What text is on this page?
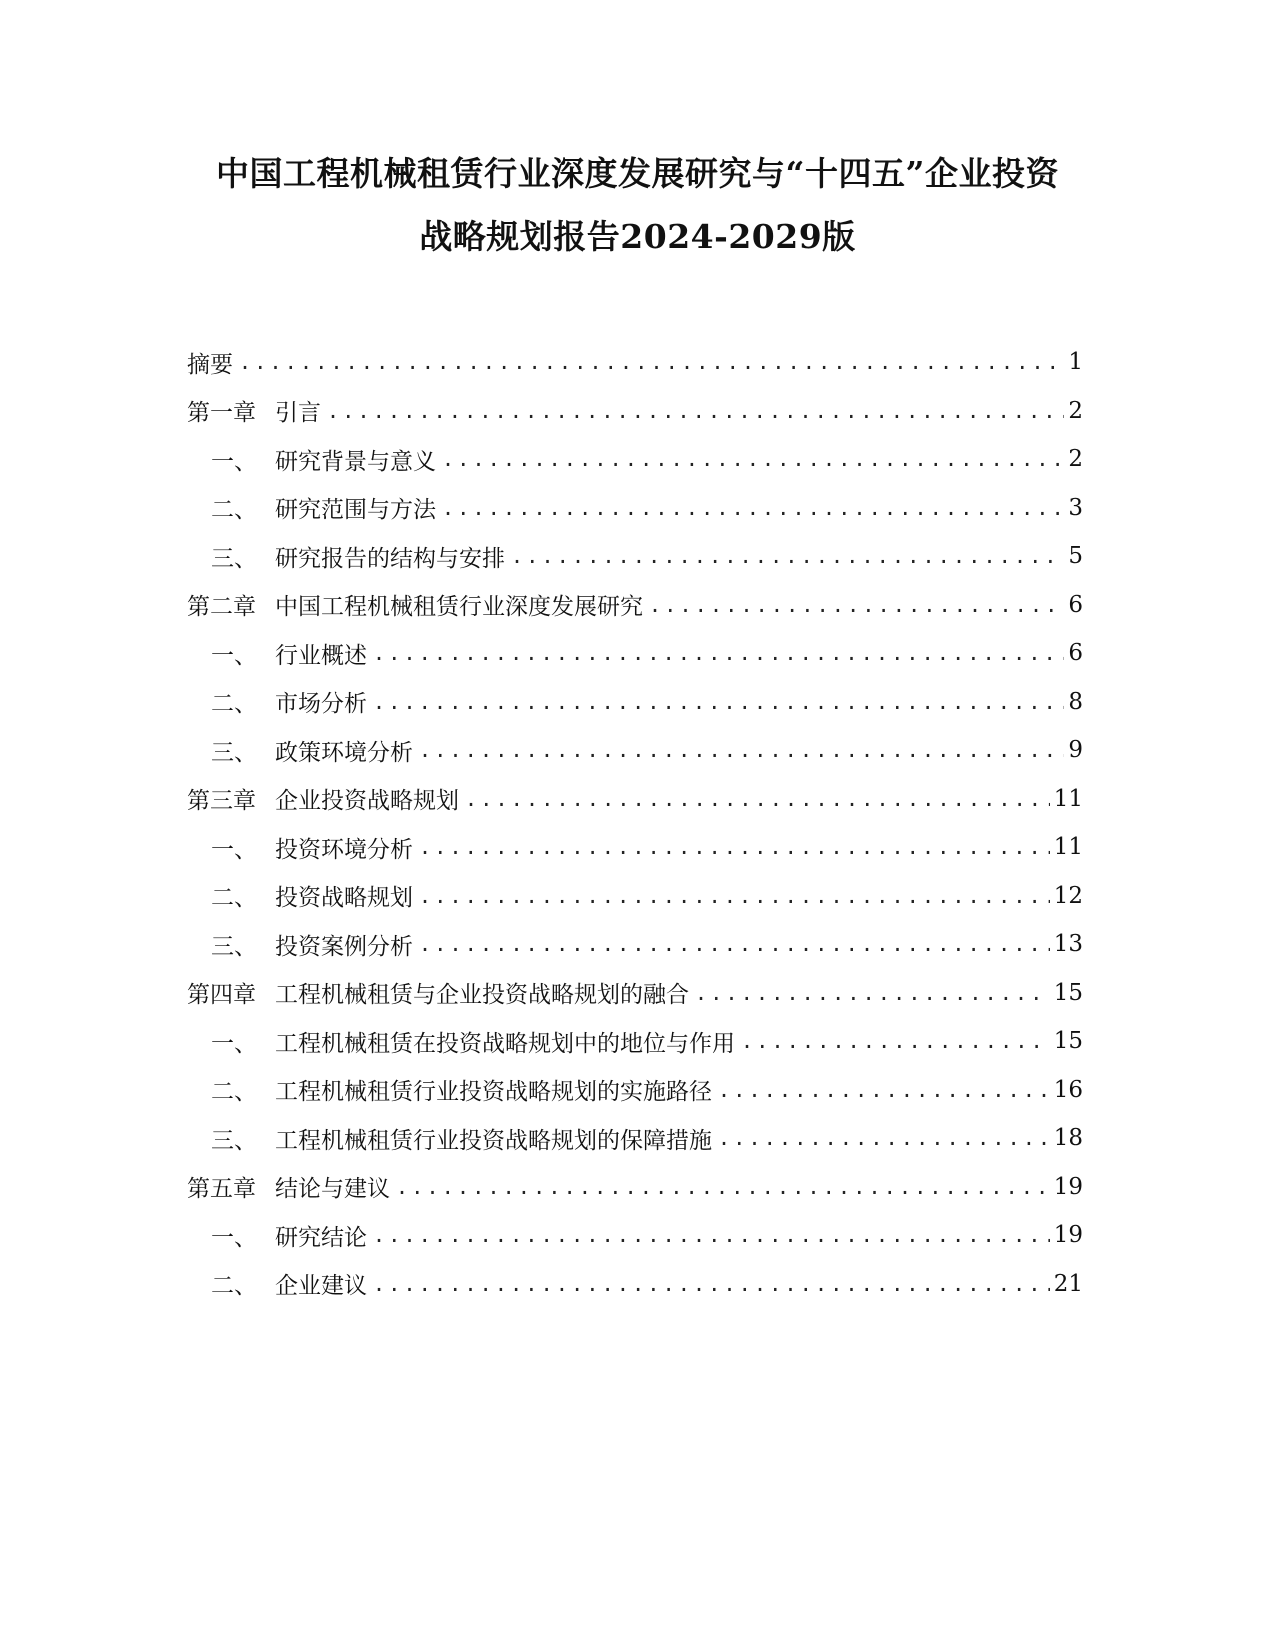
中国工程机械租赁行业深度发展研究与“十四五”企业投资
战略规划报告2024-2029版
摘要 .....	1
第一章 引言 .....	2
一、 研究背景与意义 .....	2
二、 研究范围与方法 .....	3
三、 研究报告的结构与安排 .....	5
第二章 中国工程机械租赁行业深度发展研究 .....	6
一、 行业概述 .....	6
二、 市场分析 .....	8
三、 政策环境分析 .....	9
第三章 企业投资战略规划 .....	11
一、 投资环境分析 .....	11
二、 投资战略规划 .....	12
三、 投资案例分析 .....	13
第四章 工程机械租赁与企业投资战略规划的融合 .....	15
一、 工程机械租赁在投资战略规划中的地位与作用 .....	15
二、 工程机械租赁行业投资战略规划的实施路径 .....	16
三、 工程机械租赁行业投资战略规划的保障措施 .....	18
第五章 结论与建议 .....	19
一、 研究结论 .....	19
二、 企业建议 .....	21
